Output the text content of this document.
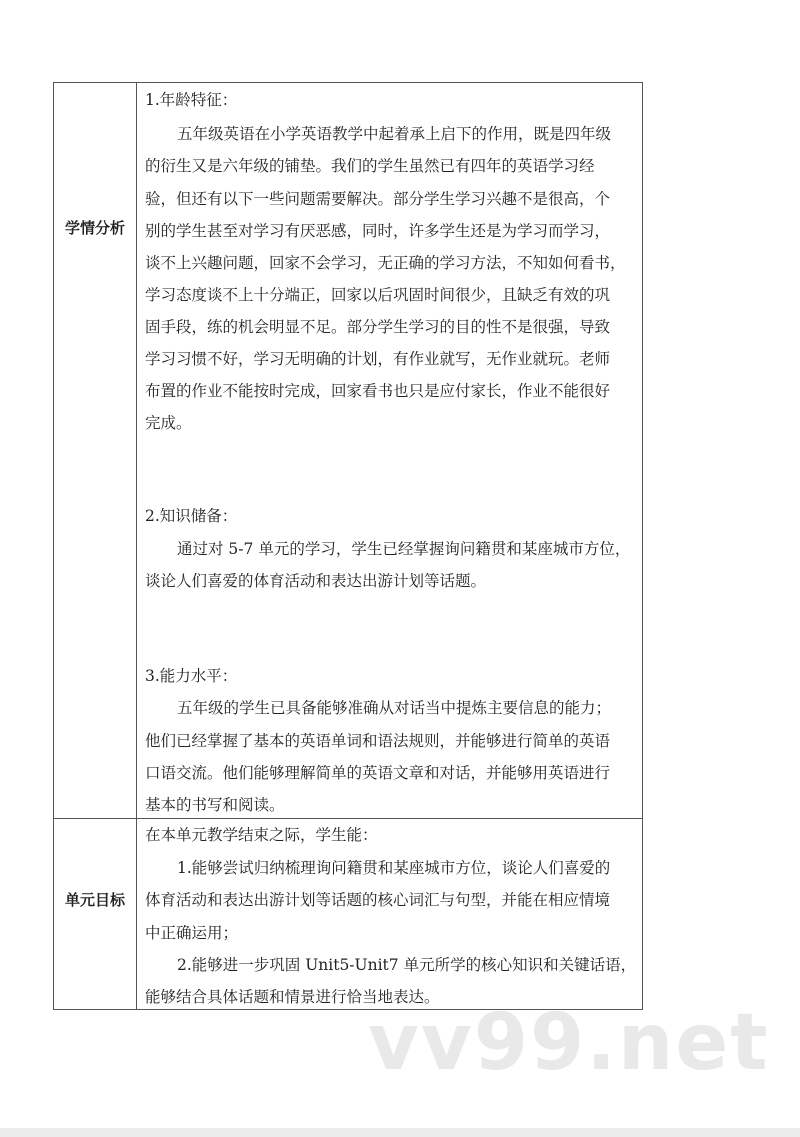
学情分析
1.年龄特征：
五年级英语在小学英语教学中起着承上启下的作用，既是四年级
的衍生又是六年级的铺垫。我们的学生虽然已有四年的英语学习经
验，但还有以下一些问题需要解决。部分学生学习兴趣不是很高，个
别的学生甚至对学习有厌恶感，同时，许多学生还是为学习而学习，
谈不上兴趣问题，回家不会学习，无正确的学习方法，不知如何看书，
学习态度谈不上十分端正，回家以后巩固时间很少，且缺乏有效的巩
固手段，练的机会明显不足。部分学生学习的目的性不是很强，导致
学习习惯不好，学习无明确的计划，有作业就写，无作业就玩。老师
布置的作业不能按时完成，回家看书也只是应付家长，作业不能很好
完成。
2.知识储备：
通过对 5-7 单元的学习，学生已经掌握询问籍贯和某座城市方位，
谈论人们喜爱的体育活动和表达出游计划等话题。
3.能力水平：
五年级的学生已具备能够准确从对话当中提炼主要信息的能力；
他们已经掌握了基本的英语单词和语法规则，并能够进行简单的英语
口语交流。他们能够理解简单的英语文章和对话，并能够用英语进行
基本的书写和阅读。
单元目标
在本单元教学结束之际，学生能：
1.能够尝试归纳梳理询问籍贯和某座城市方位，谈论人们喜爱的
体育活动和表达出游计划等话题的核心词汇与句型，并能在相应情境
中正确运用；
2.能够进一步巩固 Unit5-Unit7 单元所学的核心知识和关键话语，
能够结合具体话题和情景进行恰当地表达。
vv99.net
